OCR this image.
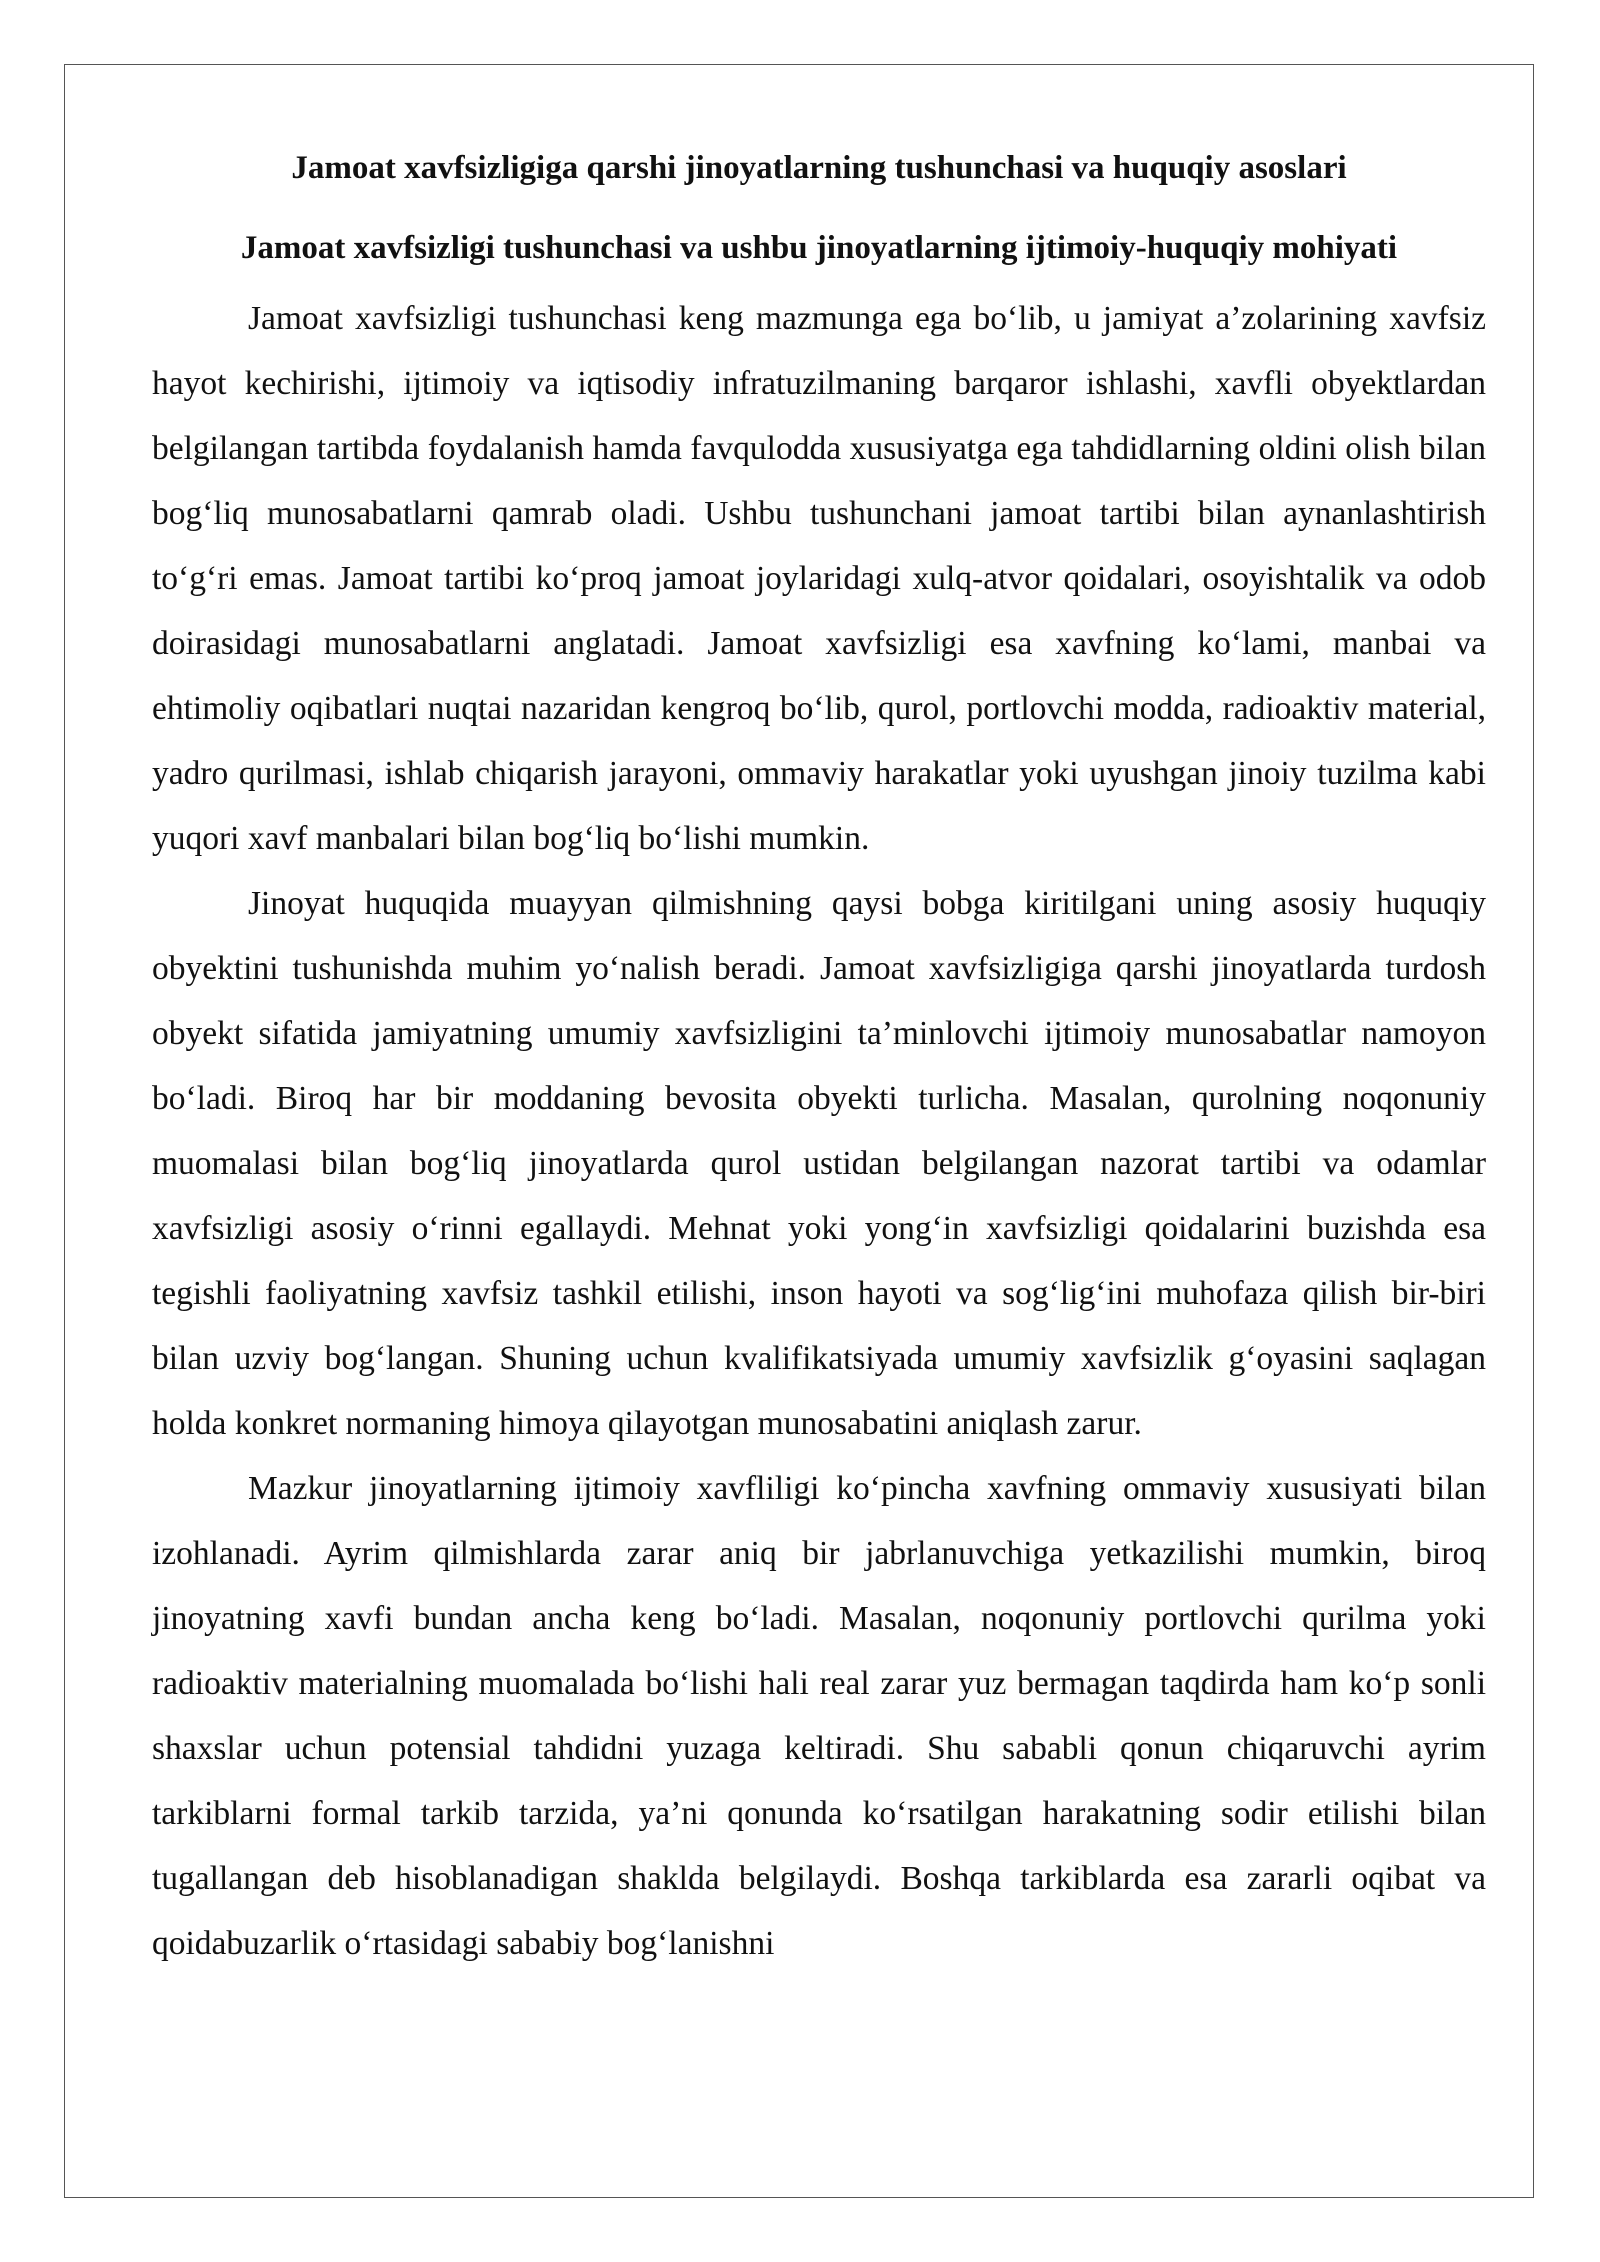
Jamoat xavfsizligiga qarshi jinoyatlarning tushunchasi va huquqiy asoslari
Jamoat xavfsizligi tushunchasi va ushbu jinoyatlarning ijtimoiy-huquqiy mohiyati

Jamoat xavfsizligi tushunchasi keng mazmunga ega bo‘lib, u jamiyat a’zolarining xavfsiz hayot kechirishi, ijtimoiy va iqtisodiy infratuzilmaning barqaror ishlashi, xavfli obyektlardan belgilangan tartibda foydalanish hamda favqulodda xususiyatga ega tahdidlarning oldini olish bilan bog‘liq munosabatlarni qamrab oladi. Ushbu tushunchani jamoat tartibi bilan aynanlashtirish to‘g‘ri emas. Jamoat tartibi ko‘proq jamoat joylaridagi xulq-atvor qoidalari, osoyishtalik va odob doirasidagi munosabatlarni anglatadi. Jamoat xavfsizligi esa xavfning ko‘lami, manbai va ehtimoliy oqibatlari nuqtai nazaridan kengroq bo‘lib, qurol, portlovchi modda, radioaktiv material, yadro qurilmasi, ishlab chiqarish jarayoni, ommaviy harakatlar yoki uyushgan jinoiy tuzilma kabi yuqori xavf manbalari bilan bog‘liq bo‘lishi mumkin.

Jinoyat huquqida muayyan qilmishning qaysi bobga kiritilgani uning asosiy huquqiy obyektini tushunishda muhim yo‘nalish beradi. Jamoat xavfsizligiga qarshi jinoyatlarda turdosh obyekt sifatida jamiyatning umumiy xavfsizligini ta’minlovchi ijtimoiy munosabatlar namoyon bo‘ladi. Biroq har bir moddaning bevosita obyekti turlicha. Masalan, qurolning noqonuniy muomalasi bilan bog‘liq jinoyatlarda qurol ustidan belgilangan nazorat tartibi va odamlar xavfsizligi asosiy o‘rinni egallaydi. Mehnat yoki yong‘in xavfsizligi qoidalarini buzishda esa tegishli faoliyatning xavfsiz tashkil etilishi, inson hayoti va sog‘lig‘ini muhofaza qilish bir-biri bilan uzviy bog‘langan. Shuning uchun kvalifikatsiyada umumiy xavfsizlik g‘oyasini saqlagan holda konkret normaning himoya qilayotgan munosabatini aniqlash zarur.

Mazkur jinoyatlarning ijtimoiy xavfliligi ko‘pincha xavfning ommaviy xususiyati bilan izohlanadi. Ayrim qilmishlarda zarar aniq bir jabrlanuvchiga yetkazilishi mumkin, biroq jinoyatning xavfi bundan ancha keng bo‘ladi. Masalan, noqonuniy portlovchi qurilma yoki radioaktiv materialning muomalada bo‘lishi hali real zarar yuz bermagan taqdirda ham ko‘p sonli shaxslar uchun potensial tahdidni yuzaga keltiradi. Shu sababli qonun chiqaruvchi ayrim tarkiblarni formal tarkib tarzida, ya’ni qonunda ko‘rsatilgan harakatning sodir etilishi bilan tugallangan deb hisoblanadigan shaklda belgilaydi. Boshqa tarkiblarda esa zararli oqibat va qoidabuzarlik o‘rtasidagi sababiy bog‘lanishni
